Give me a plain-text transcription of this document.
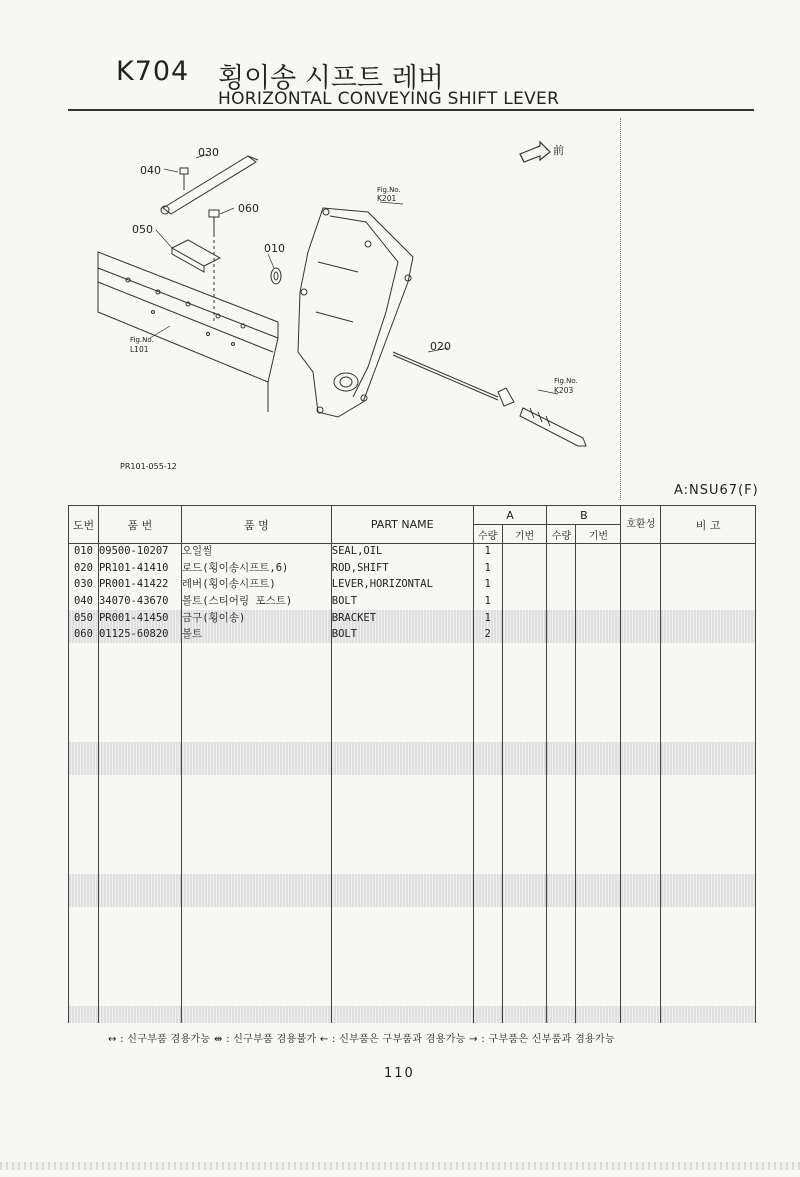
K704 횡이송 시프트 레버
HORIZONTAL CONVEYING SHIFT LEVER
前
030
040
060
050
010
020
Fig.No.
K201
Fig.No.
L101
Fig.No.
K203
PR101-055-12
A:NSU67(F)
도번	품 번	품 명	PART NAME	A		B		호환성	비 고
				수량	기번	수량	기번		
010	09500-10207	오일씰	SEAL,OIL	1					
020	PR101-41410	로드(횡이송시프트,6)	ROD,SHIFT	1					
030	PR001-41422	레버(횡이송시프트)	LEVER,HORIZONTAL	1					
040	34070-43670	볼트(스티어링 포스트)	BOLT	1					
050	PR001-41450	금구(횡이송)	BRACKET	1					
060	01125-60820	볼트	BOLT	2					

↔ : 신구부품 겸용가능 ⇹ : 신구부품 겸용불가 ← : 신부품은 구부품과 겸용가능 → : 구부품은 신부품과 겸용가능
110
